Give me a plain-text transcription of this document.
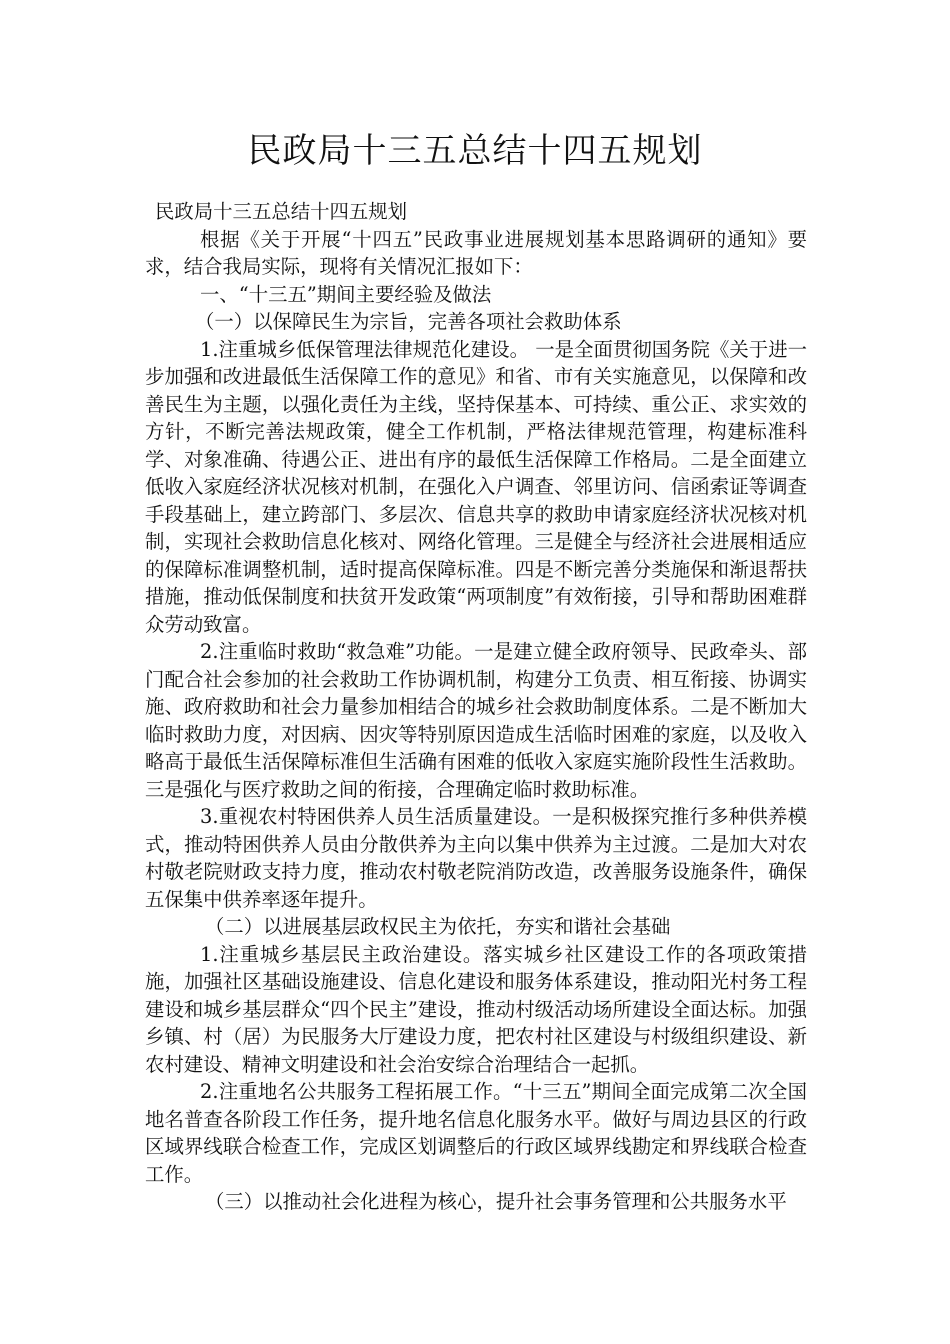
民政局十三五总结十四五规划

民政局十三五总结十四五规划

根据《关于开展“十四五”民政事业进展规划基本思路调研的通知》要求，结合我局实际，现将有关情况汇报如下：

一、“十三五”期间主要经验及做法

（一）以保障民生为宗旨，完善各项社会救助体系

1.注重城乡低保管理法律规范化建设。 一是全面贯彻国务院《关于进一步加强和改进最低生活保障工作的意见》和省、市有关实施意见，以保障和改善民生为主题，以强化责任为主线，坚持保基本、可持续、重公正、求实效的方针，不断完善法规政策，健全工作机制，严格法律规范管理，构建标准科学、对象准确、待遇公正、进出有序的最低生活保障工作格局。二是全面建立低收入家庭经济状况核对机制，在强化入户调查、邻里访问、信函索证等调查手段基础上，建立跨部门、多层次、信息共享的救助申请家庭经济状况核对机制，实现社会救助信息化核对、网络化管理。三是健全与经济社会进展相适应的保障标准调整机制，适时提高保障标准。四是不断完善分类施保和渐退帮扶措施，推动低保制度和扶贫开发政策“两项制度”有效衔接，引导和帮助困难群众劳动致富。

2.注重临时救助“救急难”功能。一是建立健全政府领导、民政牵头、部门配合社会参加的社会救助工作协调机制，构建分工负责、相互衔接、协调实施、政府救助和社会力量参加相结合的城乡社会救助制度体系。二是不断加大临时救助力度，对因病、因灾等特别原因造成生活临时困难的家庭，以及收入略高于最低生活保障标准但生活确有困难的低收入家庭实施阶段性生活救助。三是强化与医疗救助之间的衔接，合理确定临时救助标准。

3.重视农村特困供养人员生活质量建设。一是积极探究推行多种供养模式，推动特困供养人员由分散供养为主向以集中供养为主过渡。二是加大对农村敬老院财政支持力度，推动农村敬老院消防改造，改善服务设施条件，确保五保集中供养率逐年提升。

（二）以进展基层政权民主为依托，夯实和谐社会基础

1.注重城乡基层民主政治建设。落实城乡社区建设工作的各项政策措施，加强社区基础设施建设、信息化建设和服务体系建设，推动阳光村务工程建设和城乡基层群众“四个民主”建设，推动村级活动场所建设全面达标。加强乡镇、村（居）为民服务大厅建设力度，把农村社区建设与村级组织建设、新农村建设、精神文明建设和社会治安综合治理结合一起抓。

2.注重地名公共服务工程拓展工作。“十三五”期间全面完成第二次全国地名普查各阶段工作任务，提升地名信息化服务水平。做好与周边县区的行政区域界线联合检查工作，完成区划调整后的行政区域界线勘定和界线联合检查工作。

（三）以推动社会化进程为核心，提升社会事务管理和公共服务水平
